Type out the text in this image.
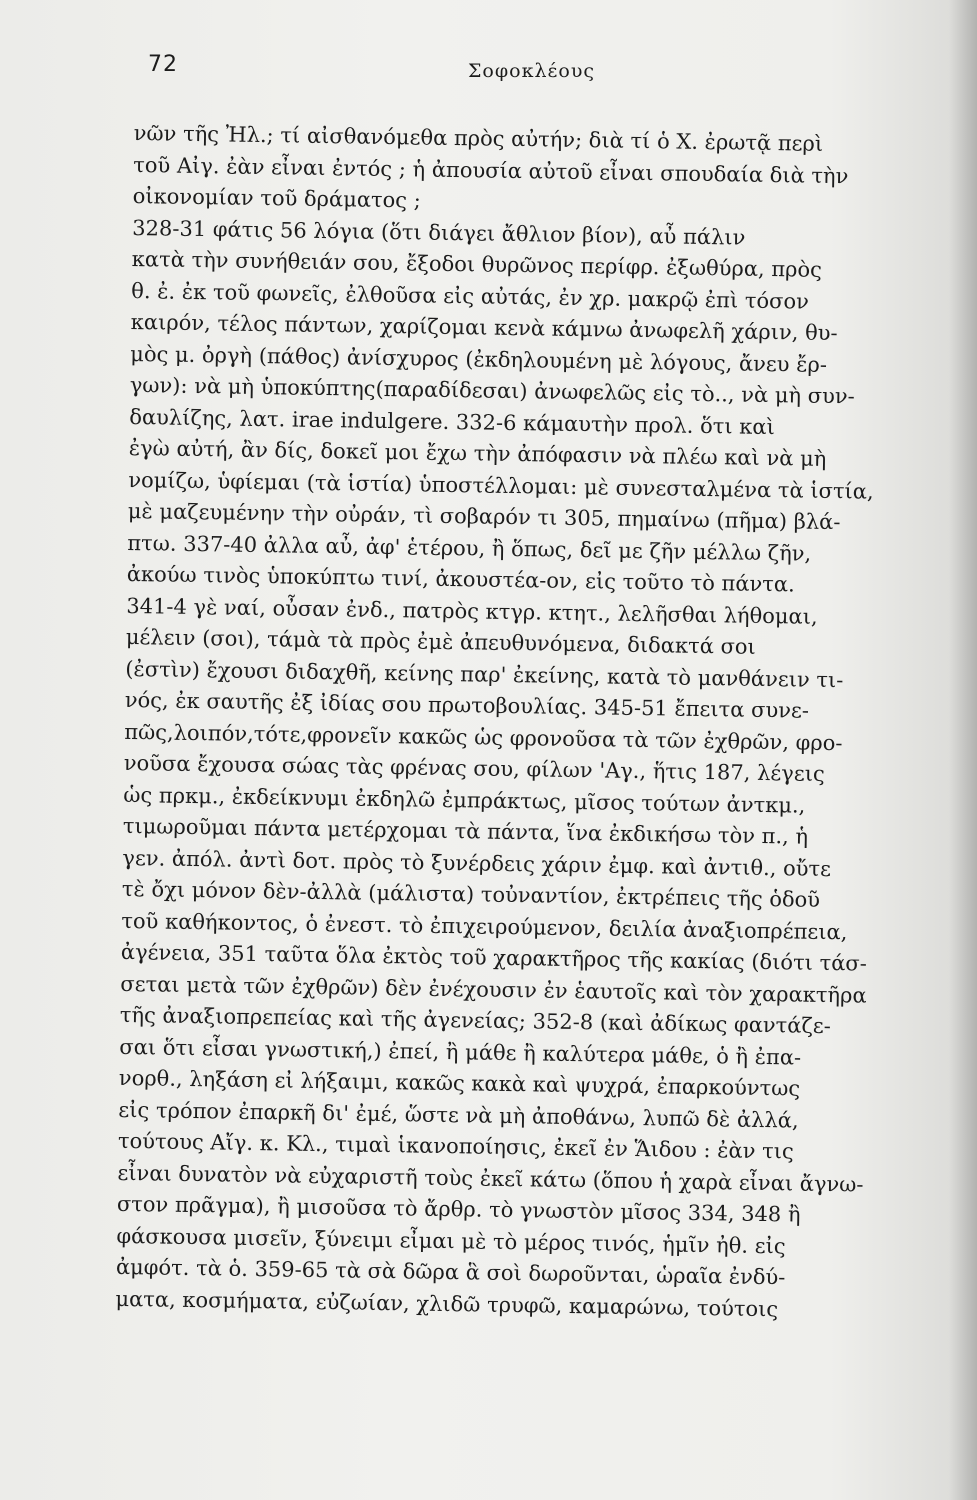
72	Σοφοκλέους
νῶν τῆς Ἠλ.; τί αἰσθανόμεθα πρὸς αὐτήν; διὰ τί ὁ Χ. ἐρωτᾷ περὶ
τοῦ Αἰγ. ἐὰν εἶναι ἐντός ; ἡ ἀπουσία αὐτοῦ εἶναι σπουδαία διὰ τὴν
οἰκονομίαν τοῦ δράματος ;
328-31 φάτις 56 λόγια (ὅτι διάγει ἄθλιον βίον), αὖ πάλιν
κατὰ τὴν συνήθειάν σου, ἔξοδοι θυρῶνος περίφρ. ἐξωθύρα, πρὸς
θ. ἐ. ἐκ τοῦ φωνεῖς, ἐλθοῦσα εἰς αὐτάς, ἐν χρ. μακρῷ ἐπὶ τόσον
καιρόν, τέλος πάντων, χαρίζομαι κενὰ κάμνω ἀνωφελῆ χάριν, θυ-
μὸς μ. ὀργὴ (πάθος) ἀνίσχυρος (ἐκδηλουμένη μὲ λόγους, ἄνευ ἔρ-
γων): νὰ μὴ ὑποκύπτης(παραδίδεσαι) ἀνωφελῶς εἰς τὸ.., νὰ μὴ συν-
δαυλίζης, λατ. irae indulgere. 332-6 κάμαυτὴν προλ. ὅτι καὶ
ἐγὼ αὐτή, ἂν δίς, δοκεῖ μοι ἔχω τὴν ἀπόφασιν νὰ πλέω καὶ νὰ μὴ
νομίζω, ὑφίεμαι (τὰ ἱστία) ὑποστέλλομαι: μὲ συνεσταλμένα τὰ ἱστία,
μὲ μαζευμένην τὴν οὐράν, τὶ σοβαρόν τι 305, πημαίνω (πῆμα) βλά-
πτω. 337-40 ἀλλα αὖ, ἀφ' ἑτέρου, ἢ ὅπως, δεῖ με ζῆν μέλλω ζῆν,
ἀκούω τινὸς ὑποκύπτω τινί, ἀκουστέα-ον, εἰς τοῦτο τὸ πάντα.
341-4 γὲ ναί, οὖσαν ἐνδ., πατρὸς κτγρ. κτητ., λελῆσθαι λήθομαι,
μέλειν (σοι), τάμὰ τὰ πρὸς ἐμὲ ἀπευθυνόμενα, διδακτά σοι
(ἐστὶν) ἔχουσι διδαχθῆ, κείνης παρ' ἐκείνης, κατὰ τὸ μανθάνειν τι-
νός, ἐκ σαυτῆς ἐξ ἰδίας σου πρωτοβουλίας. 345-51 ἔπειτα συνε-
πῶς,λοιπόν,τότε,φρονεῖν κακῶς ὡς φρονοῦσα τὰ τῶν ἐχθρῶν, φρο-
νοῦσα ἔχουσα σώας τὰς φρένας σου, φίλων 'Αγ., ἥτις 187, λέγεις
ὡς πρκμ., ἐκδείκνυμι ἐκδηλῶ ἐμπράκτως, μῖσος τούτων ἀντκμ.,
τιμωροῦμαι πάντα μετέρχομαι τὰ πάντα, ἵνα ἐκδικήσω τὸν π., ἡ
γεν. ἀπόλ. ἀντὶ δοτ. πρὸς τὸ ξυνέρδεις χάριν ἐμφ. καὶ ἀντιθ., οὔτε
τὲ ὄχι μόνον δὲν-ἀλλὰ (μάλιστα) τοὐναντίον, ἐκτρέπεις τῆς ὁδοῦ
τοῦ καθήκοντος, ὁ ἐνεστ. τὸ ἐπιχειρούμενον, δειλία ἀναξιοπρέπεια,
ἀγένεια, 351 ταῦτα ὅλα ἐκτὸς τοῦ χαρακτῆρος τῆς κακίας (διότι τάσ-
σεται μετὰ τῶν ἐχθρῶν) δὲν ἐνέχουσιν ἐν ἑαυτοῖς καὶ τὸν χαρακτῆρα
τῆς ἀναξιοπρεπείας καὶ τῆς ἀγενείας; 352-8 (καὶ ἀδίκως φαντάζε-
σαι ὅτι εἶσαι γνωστική,) ἐπεί, ἢ μάθε ἢ καλύτερα μάθε, ὁ ἢ ἐπα-
νορθ., ληξάση εἰ λήξαιμι, κακῶς κακὰ καὶ ψυχρά, ἐπαρκούντως
εἰς τρόπον ἐπαρκῆ δι' ἐμέ, ὥστε νὰ μὴ ἀποθάνω, λυπῶ δὲ ἀλλά,
τούτους Αἴγ. κ. Κλ., τιμαὶ ἱκανοποίησις, ἐκεῖ ἐν Ἅιδου : ἐὰν τις
εἶναι δυνατὸν νὰ εὐχαριστῆ τοὺς ἐκεῖ κάτω (ὅπου ἡ χαρὰ εἶναι ἄγνω-
στον πρᾶγμα), ἢ μισοῦσα τὸ ἄρθρ. τὸ γνωστὸν μῖσος 334, 348 ἢ
φάσκουσα μισεῖν, ξύνειμι εἶμαι μὲ τὸ μέρος τινός, ἡμῖν ἠθ. εἰς
ἀμφότ. τὰ ὁ. 359-65 τὰ σὰ δῶρα ἃ σοὶ δωροῦνται, ὡραῖα ἐνδύ-
ματα, κοσμήματα, εὐζωίαν, χλιδῶ τρυφῶ, καμαρώνω, τούτοις
